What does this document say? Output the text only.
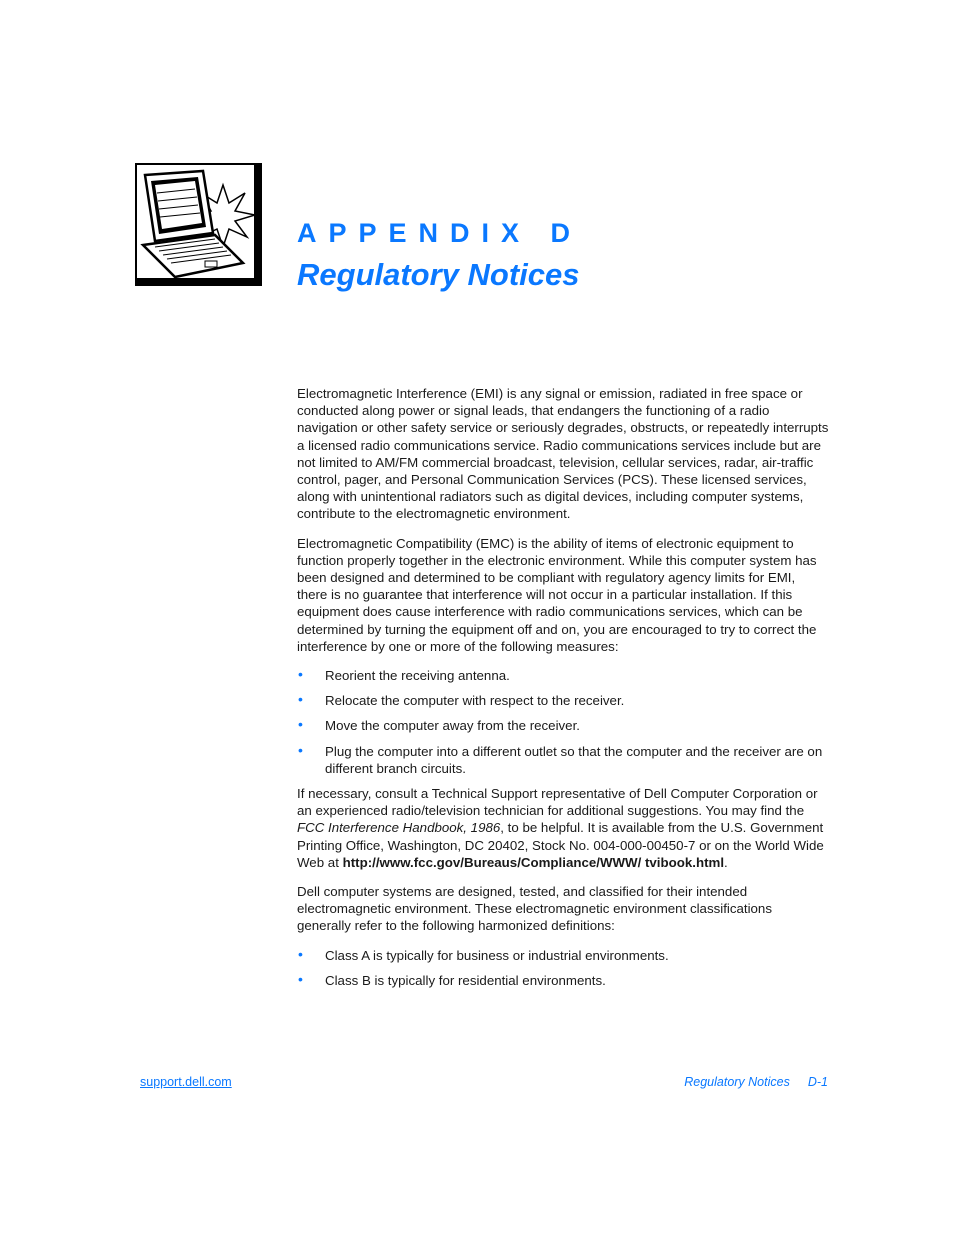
APPENDIX D
Regulatory Notices

Electromagnetic Interference (EMI) is any signal or emission, radiated in free space or conducted along power or signal leads, that endangers the functioning of a radio navigation or other safety service or seriously degrades, obstructs, or repeatedly interrupts a licensed radio communications service. Radio communications services include but are not limited to AM/FM commercial broadcast, television, cellular services, radar, air-traffic control, pager, and Personal Communication Services (PCS). These licensed services, along with unintentional radiators such as digital devices, including computer systems, contribute to the electromagnetic environment.

Electromagnetic Compatibility (EMC) is the ability of items of electronic equipment to function properly together in the electronic environment. While this computer system has been designed and determined to be compliant with regulatory agency limits for EMI, there is no guarantee that interference will not occur in a particular installation. If this equipment does cause interference with radio communications services, which can be determined by turning the equipment off and on, you are encouraged to try to correct the interference by one or more of the following measures:

• Reorient the receiving antenna.
• Relocate the computer with respect to the receiver.
• Move the computer away from the receiver.
• Plug the computer into a different outlet so that the computer and the receiver are on different branch circuits.

If necessary, consult a Technical Support representative of Dell Computer Corporation or an experienced radio/television technician for additional suggestions. You may find the FCC Interference Handbook, 1986, to be helpful. It is available from the U.S. Government Printing Office, Washington, DC 20402, Stock No. 004-000-00450-7 or on the World Wide Web at http://www.fcc.gov/Bureaus/Compliance/WWW/ tvibook.html.

Dell computer systems are designed, tested, and classified for their intended electromagnetic environment. These electromagnetic environment classifications generally refer to the following harmonized definitions:

• Class A is typically for business or industrial environments.
• Class B is typically for residential environments.
support.dell.com	Regulatory Notices D-1
